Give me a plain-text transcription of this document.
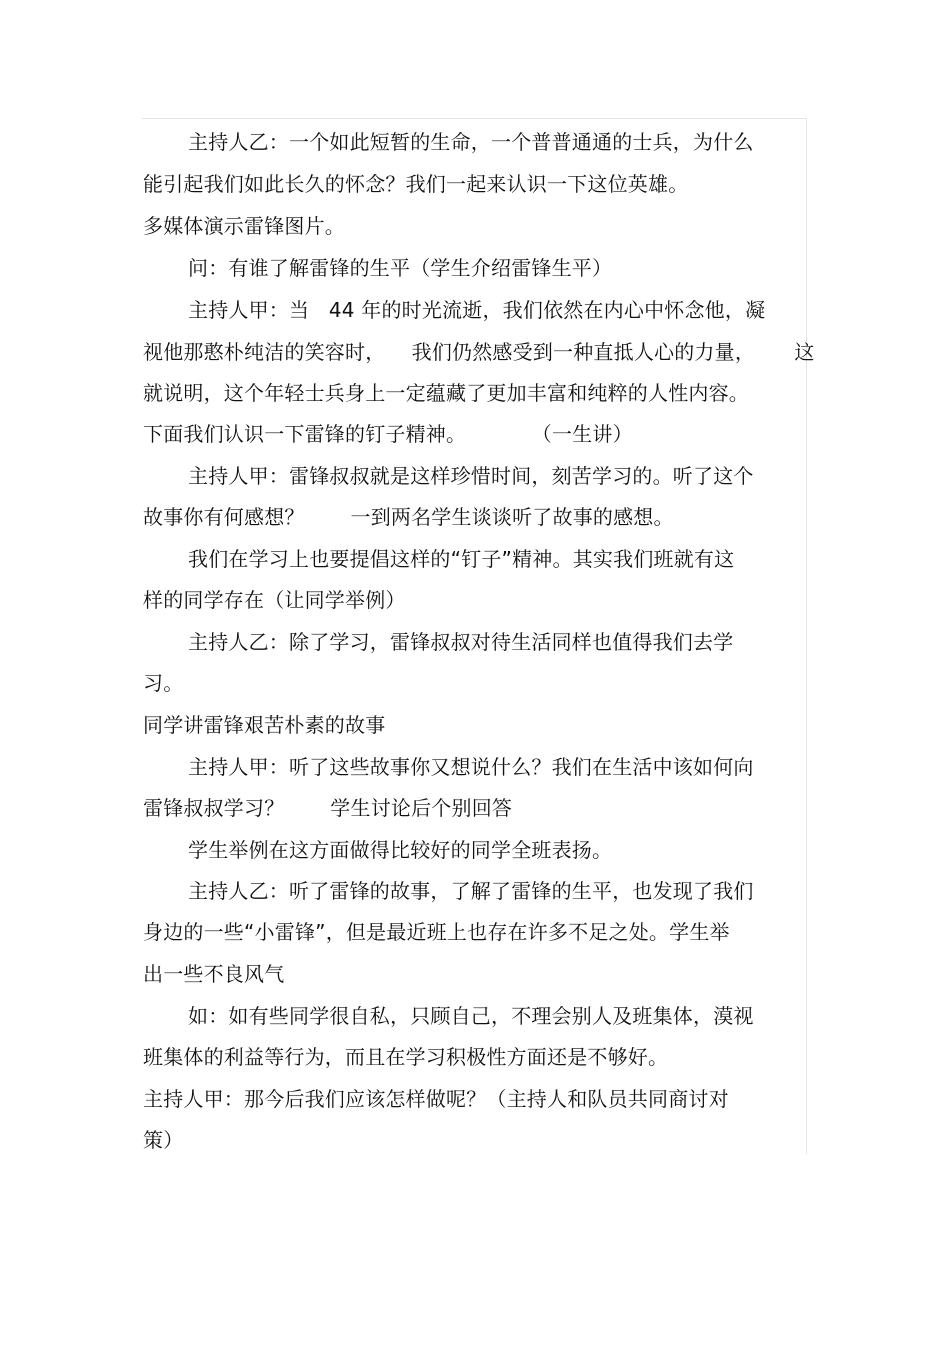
主持人乙：一个如此短暂的生命，一个普普通通的士兵，为什么
能引起我们如此长久的怀念？我们一起来认识一下这位英雄。
多媒体演示雷锋图片。
问：有谁了解雷锋的生平（学生介绍雷锋生平）
主持人甲：当   44 年的时光流逝，我们依然在内心中怀念他，凝
视他那憨朴纯洁的笑容时，    我们仍然感受到一种直抵人心的力量，      这
就说明，这个年轻士兵身上一定蕴藏了更加丰富和纯粹的人性内容。
下面我们认识一下雷锋的钉子精神。          （一生讲）
主持人甲：雷锋叔叔就是这样珍惜时间，刻苦学习的。听了这个
故事你有何感想？       一到两名学生谈谈听了故事的感想。
我们在学习上也要提倡这样的“钉子”精神。其实我们班就有这
样的同学存在（让同学举例）
主持人乙：除了学习，雷锋叔叔对待生活同样也值得我们去学
习。
同学讲雷锋艰苦朴素的故事
主持人甲：听了这些故事你又想说什么？我们在生活中该如何向
雷锋叔叔学习？       学生讨论后个别回答
学生举例在这方面做得比较好的同学全班表扬。
主持人乙：听了雷锋的故事，了解了雷锋的生平，也发现了我们
身边的一些“小雷锋”，但是最近班上也存在许多不足之处。学生举
出一些不良风气
如：如有些同学很自私，只顾自己，不理会别人及班集体，漠视
班集体的利益等行为，而且在学习积极性方面还是不够好。
主持人甲：那今后我们应该怎样做呢？（主持人和队员共同商讨对
策）
